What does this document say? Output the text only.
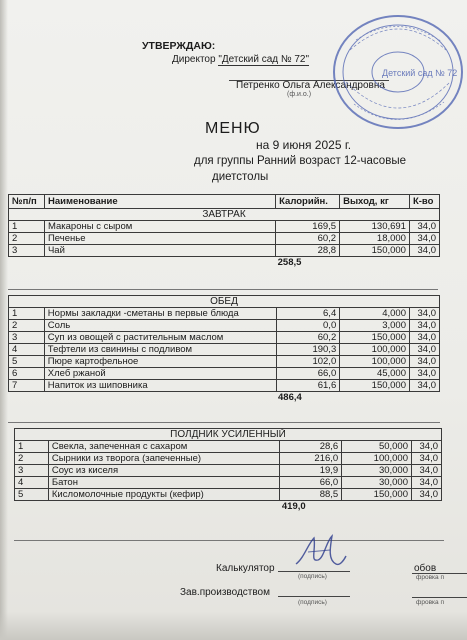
УТВЕРЖДАЮ:
Директор "Детский сад № 72"
Петренко Ольга Александровна
(ф.и.о.)
Детский сад № 72
МЕНЮ
на 9 июня 2025 г.
для группы Ранний возраст 12-часовые
диетстолы
№п/п	Наименование	Калорийн.	Выход, кг	К-во
ЗАВТРАК				
1	Макароны с сыром	169,5	130,691	34,0
2	Печенье	60,2	18,000	34,0
3	Чай	28,8	150,000	34,0
		258,5		
ОБЕД				
1	Нормы закладки -сметаны в первые блюда	6,4	4,000	34,0
2	Соль	0,0	3,000	34,0
3	Суп из овощей с растительным маслом	60,2	150,000	34,0
4	Тефтели из свинины с подливом	190,3	100,000	34,0
5	Пюре картофельное	102,0	100,000	34,0
6	Хлеб ржаной	66,0	45,000	34,0
7	Напиток из шиповника	61,6	150,000	34,0
		486,4		
ПОЛДНИК УСИЛЕННЫЙ				
1	Свекла, запеченная с сахаром	28,6	50,000	34,0
2	Сырники из творога (запеченные)	216,0	100,000	34,0
3	Соус из киселя	19,9	30,000	34,0
4	Батон	66,0	30,000	34,0
5	Кисломолочные продукты (кефир)	88,5	150,000	34,0
		419,0		
Калькулятор
(подпись)
Зав.производством
(подпись)
обов
фровка п
фровка п
